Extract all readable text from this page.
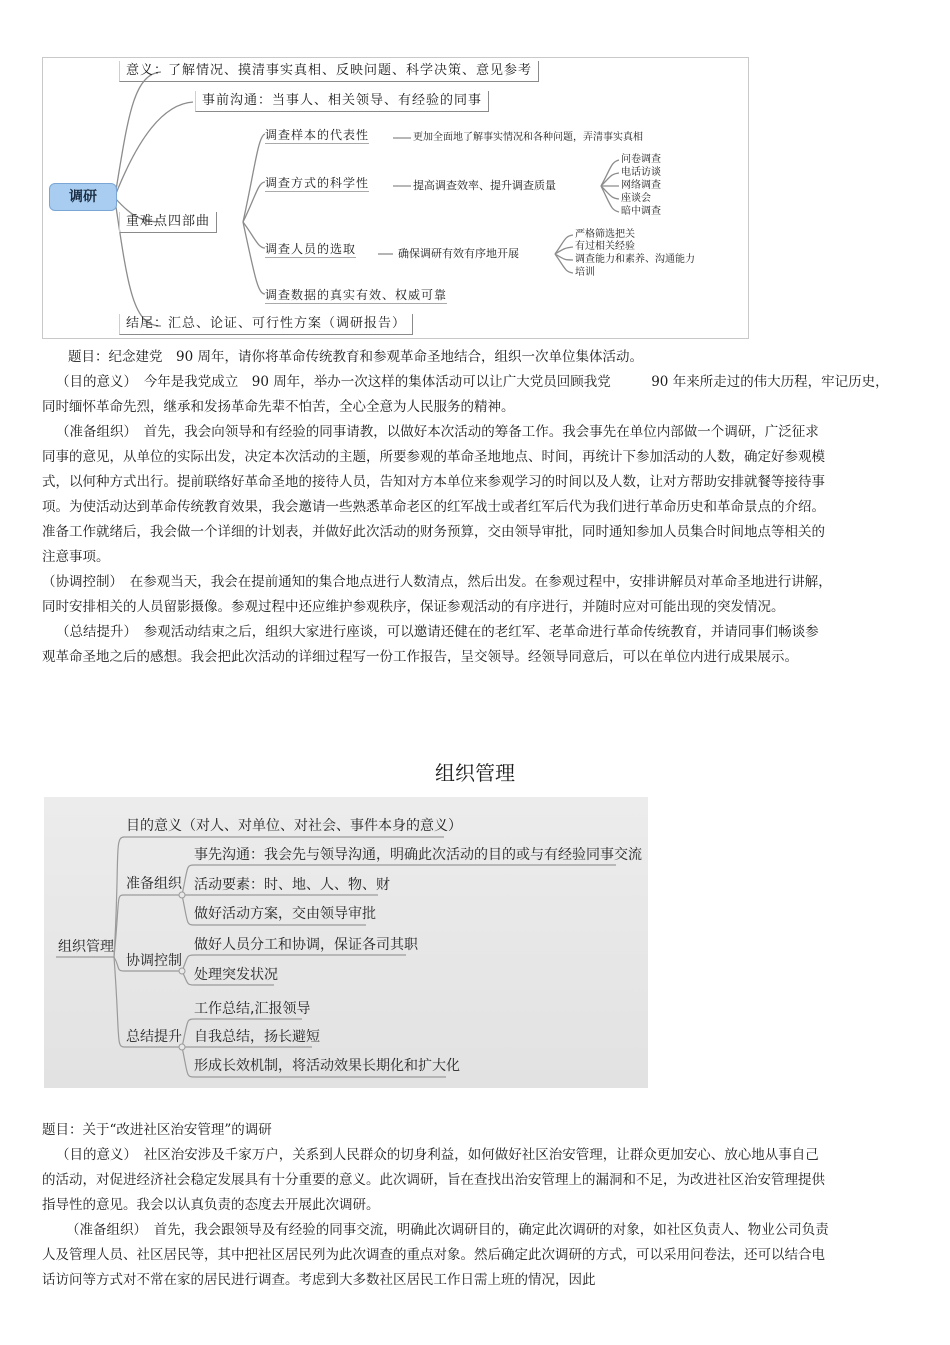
调研
意义：了解情况、摸清事实真相、反映问题、科学决策、意见参考
事前沟通：当事人、相关领导、有经验的同事
重难点四部曲
结尾：汇总、论证、可行性方案（调研报告）
调查样本的代表性	更加全面地了解事实情况和各种问题，弄清事实真相
调查方式的科学性	提高调查效率、提升调查质量
问卷调查
电话访谈
网络调查
座谈会
暗中调查
调查人员的选取	确保调研有效有序地开展
严格筛选把关
有过相关经验
调查能力和素养、沟通能力
培训
调查数据的真实有效、权威可靠

题目：纪念建党　90 周年，请你将革命传统教育和参观革命圣地结合，组织一次单位集体活动。

（目的意义）　今年是我党成立　90 周年，举办一次这样的集体活动可以让广大党员回顾我党　　　90 年来所走过的伟大历程，牢记历史，同时缅怀革命先烈，继承和发扬革命先辈不怕苦，全心全意为人民服务的精神。

（准备组织）　首先，我会向领导和有经验的同事请教，以做好本次活动的筹备工作。我会事先在单位内部做一个调研，广泛征求同事的意见，从单位的实际出发，决定本次活动的主题，所要参观的革命圣地地点、时间，再统计下参加活动的人数，确定好参观模式，以何种方式出行。提前联络好革命圣地的接待人员，告知对方本单位来参观学习的时间以及人数，让对方帮助安排就餐等接待事项。为使活动达到革命传统教育效果，我会邀请一些熟悉革命老区的红军战士或者红军后代为我们进行革命历史和革命景点的介绍。准备工作就绪后，我会做一个详细的计划表，并做好此次活动的财务预算，交由领导审批，同时通知参加人员集合时间地点等相关的注意事项。

（协调控制）　在参观当天，我会在提前通知的集合地点进行人数清点，然后出发。在参观过程中，安排讲解员对革命圣地进行讲解，同时安排相关的人员留影摄像。参观过程中还应维护参观秩序，保证参观活动的有序进行，并随时应对可能出现的突发情况。

（总结提升）　参观活动结束之后，组织大家进行座谈，可以邀请还健在的老红军、老革命进行革命传统教育，并请同事们畅谈参观革命圣地之后的感想。我会把此次活动的详细过程写一份工作报告，呈交领导。经领导同意后，可以在单位内进行成果展示。

组织管理
组织管理
目的意义（对人、对单位、对社会、事件本身的意义）
准备组织
事先沟通：我会先与领导沟通，明确此次活动的目的或与有经验同事交流
活动要素：时、地、人、物、财
做好活动方案，交由领导审批
协调控制
做好人员分工和协调，保证各司其职
处理突发状况
总结提升
工作总结,汇报领导
自我总结，扬长避短
形成长效机制，将活动效果长期化和扩大化

题目：关于“改进社区治安管理”的调研

（目的意义）　社区治安涉及千家万户，关系到人民群众的切身利益，如何做好社区治安管理，让群众更加安心、放心地从事自己的活动，对促进经济社会稳定发展具有十分重要的意义。此次调研，旨在查找出治安管理上的漏洞和不足，为改进社区治安管理提供指导性的意见。我会以认真负责的态度去开展此次调研。

（准备组织）　首先，我会跟领导及有经验的同事交流，明确此次调研目的，确定此次调研的对象，如社区负责人、物业公司负责人及管理人员、社区居民等，其中把社区居民列为此次调查的重点对象。然后确定此次调研的方式，可以采用问卷法，还可以结合电话访问等方式对不常在家的居民进行调查。考虑到大多数社区居民工作日需上班的情况，因此
